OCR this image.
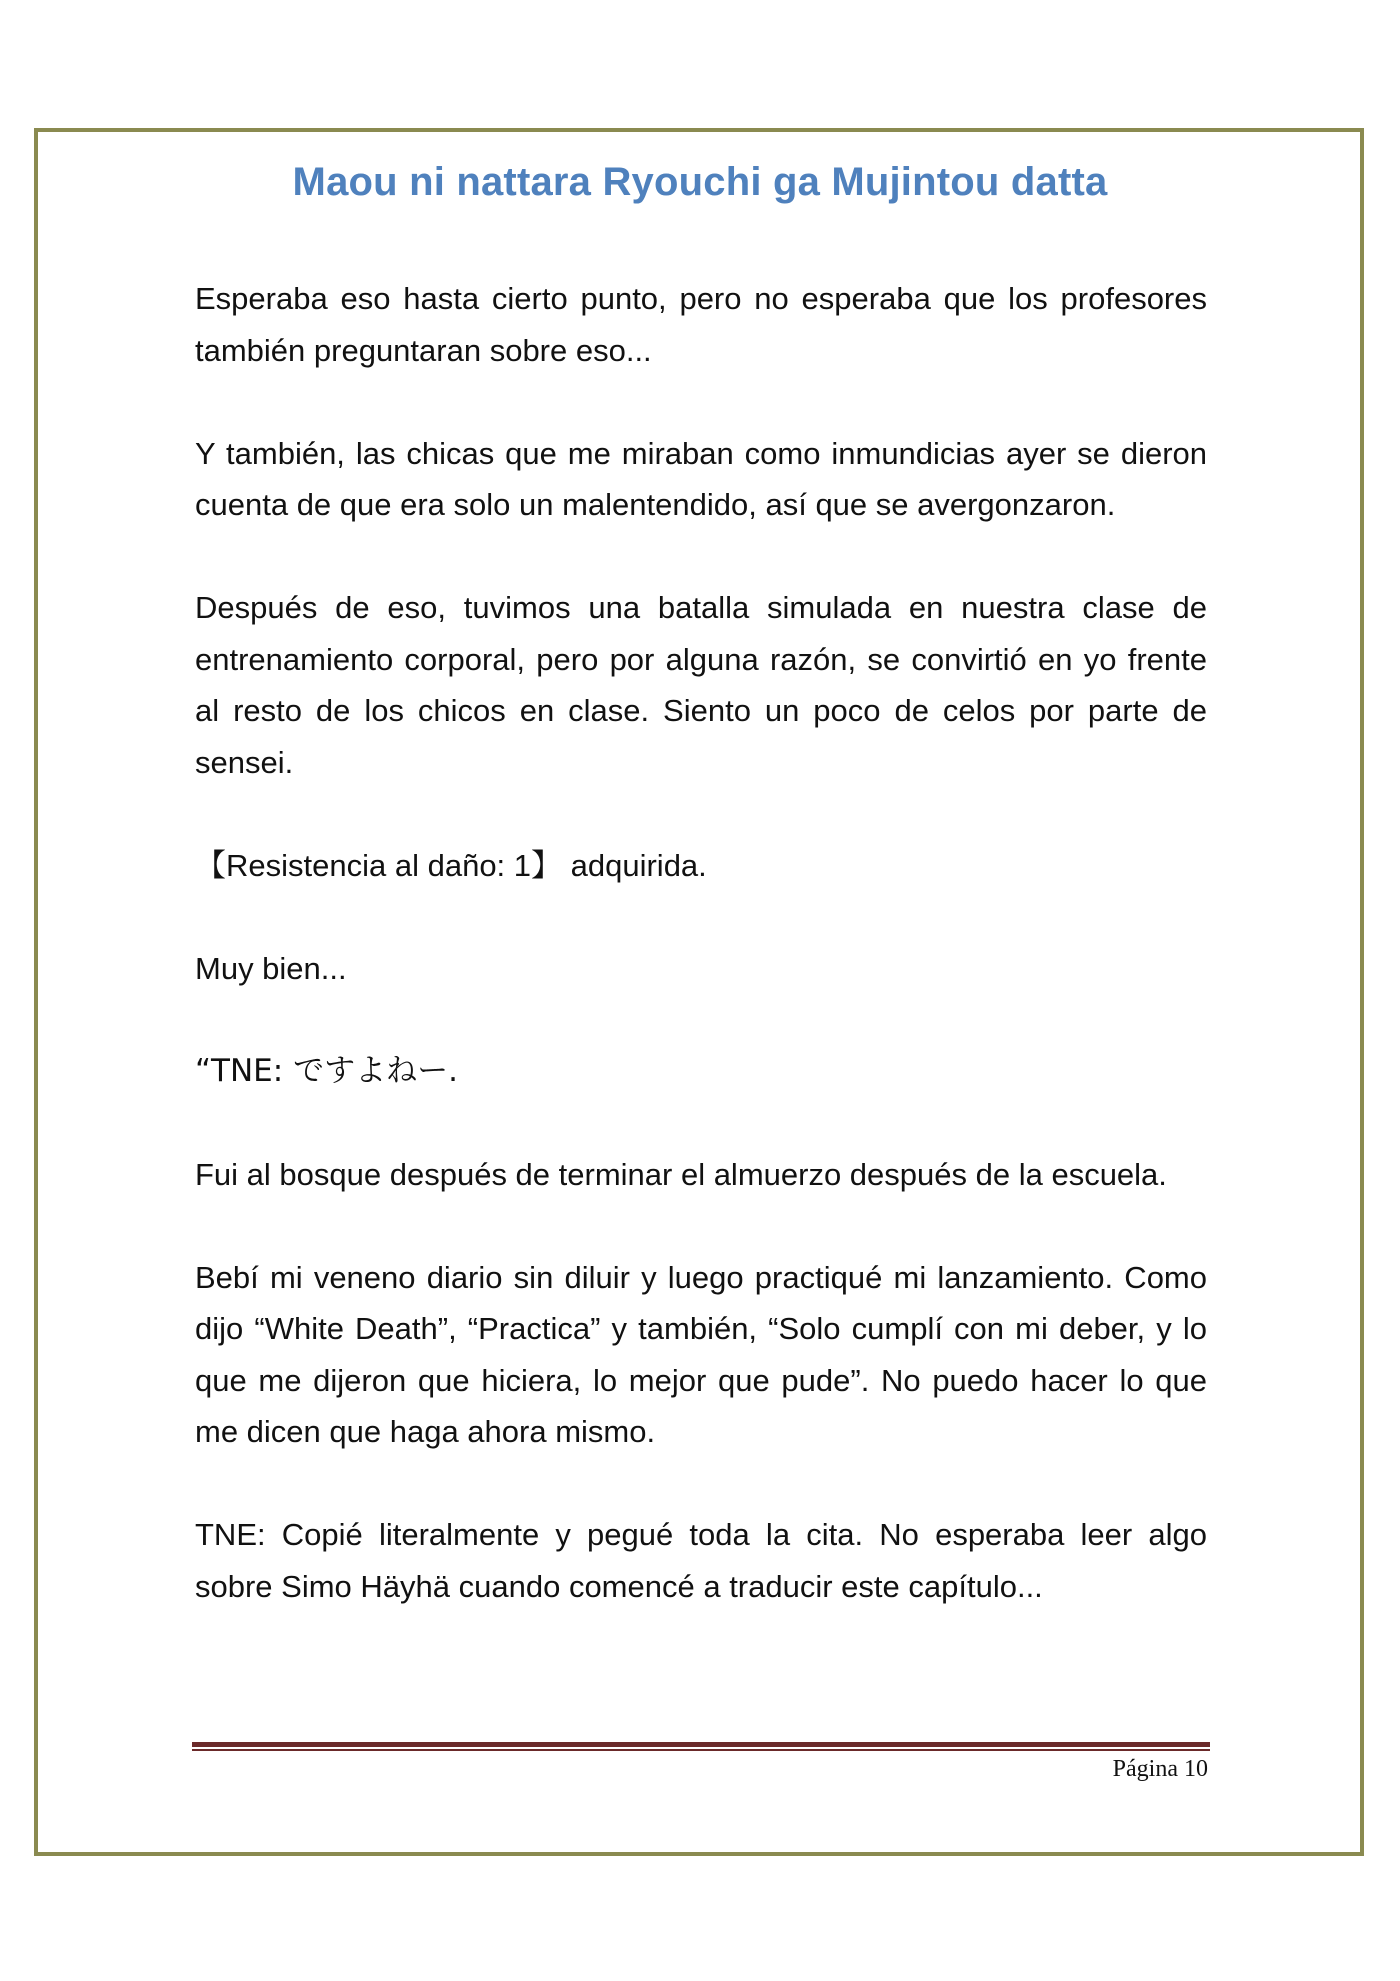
Maou ni nattara Ryouchi ga Mujintou datta

Esperaba eso hasta cierto punto, pero no esperaba que los profesores también preguntaran sobre eso...

Y también, las chicas que me miraban como inmundicias ayer se dieron cuenta de que era solo un malentendido, así que se avergonzaron.

Después de eso, tuvimos una batalla simulada en nuestra clase de entrenamiento corporal, pero por alguna razón, se convirtió en yo frente al resto de los chicos en clase. Siento un poco de celos por parte de sensei.

【Resistencia al daño: 1】 adquirida.

Muy bien...

“TNE: ですよねー.

Fui al bosque después de terminar el almuerzo después de la escuela.

Bebí mi veneno diario sin diluir y luego practiqué mi lanzamiento. Como dijo “White Death”, “Practica” y también, “Solo cumplí con mi deber, y lo que me dijeron que hiciera, lo mejor que pude”. No puedo hacer lo que me dicen que haga ahora mismo.

TNE: Copié literalmente y pegué toda la cita. No esperaba leer algo sobre Simo Häyhä cuando comencé a traducir este capítulo...

Página 10
